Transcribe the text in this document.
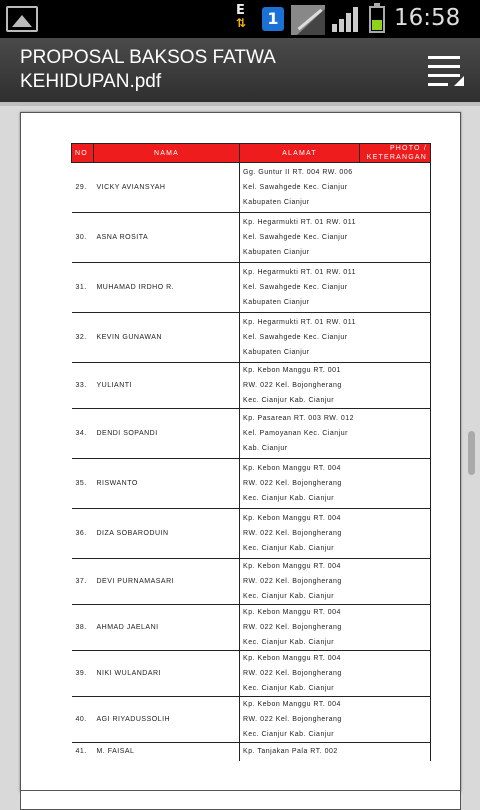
E
⇅	1	16:58
PROPOSAL BAKSOS FATWA KEHIDUPAN.pdf
NO	NAMA	ALAMAT	PHOTO / KETERANGAN
29.	VICKY AVIANSYAH	Gg. Guntur II RT. 004 RW. 006
Kel. Sawahgede Kec. Cianjur
Kabupaten Cianjur	

30.	ASNA ROSITA	Kp. Hegarmukti RT. 01 RW. 011
Kel. Sawahgede Kec. Cianjur
Kabupaten Cianjur	

31.	MUHAMAD IRDHO R.	Kp. Hegarmukti RT. 01 RW. 011
Kel. Sawahgede Kec. Cianjur
Kabupaten Cianjur	

32.	KEVIN GUNAWAN	Kp. Hegarmukti RT. 01 RW. 011
Kel. Sawahgede Kec. Cianjur
Kabupaten Cianjur	

33.	YULIANTI	Kp. Kebon Manggu RT. 001
RW. 022 Kel. Bojongherang
Kec. Cianjur Kab. Cianjur	

34.	DENDI SOPANDI	Kp. Pasarean RT. 003 RW. 012
Kel. Pamoyanan Kec. Cianjur
Kab. Cianjur	

35.	RISWANTO	Kp. Kebon Manggu RT. 004
RW. 022 Kel. Bojongherang
Kec. Cianjur Kab. Cianjur	

36.	DIZA SOBARODUIN	Kp. Kebon Manggu RT. 004
RW. 022 Kel. Bojongherang
Kec. Cianjur Kab. Cianjur	

37.	DEVI PURNAMASARI	Kp. Kebon Manggu RT. 004
RW. 022 Kel. Bojongherang
Kec. Cianjur Kab. Cianjur	

38.	AHMAD JAELANI	Kp. Kebon Manggu RT. 004
RW. 022 Kel. Bojongherang
Kec. Cianjur Kab. Cianjur	

39.	NIKI WULANDARI	Kp. Kebon Manggu RT. 004
RW. 022 Kel. Bojongherang
Kec. Cianjur Kab. Cianjur	

40.	AGI RIYADUSSOLIH	Kp. Kebon Manggu RT. 004
RW. 022 Kel. Bojongherang
Kec. Cianjur Kab. Cianjur	

41.	M. FAISAL	Kp. Tanjakan Pala RT. 002	
